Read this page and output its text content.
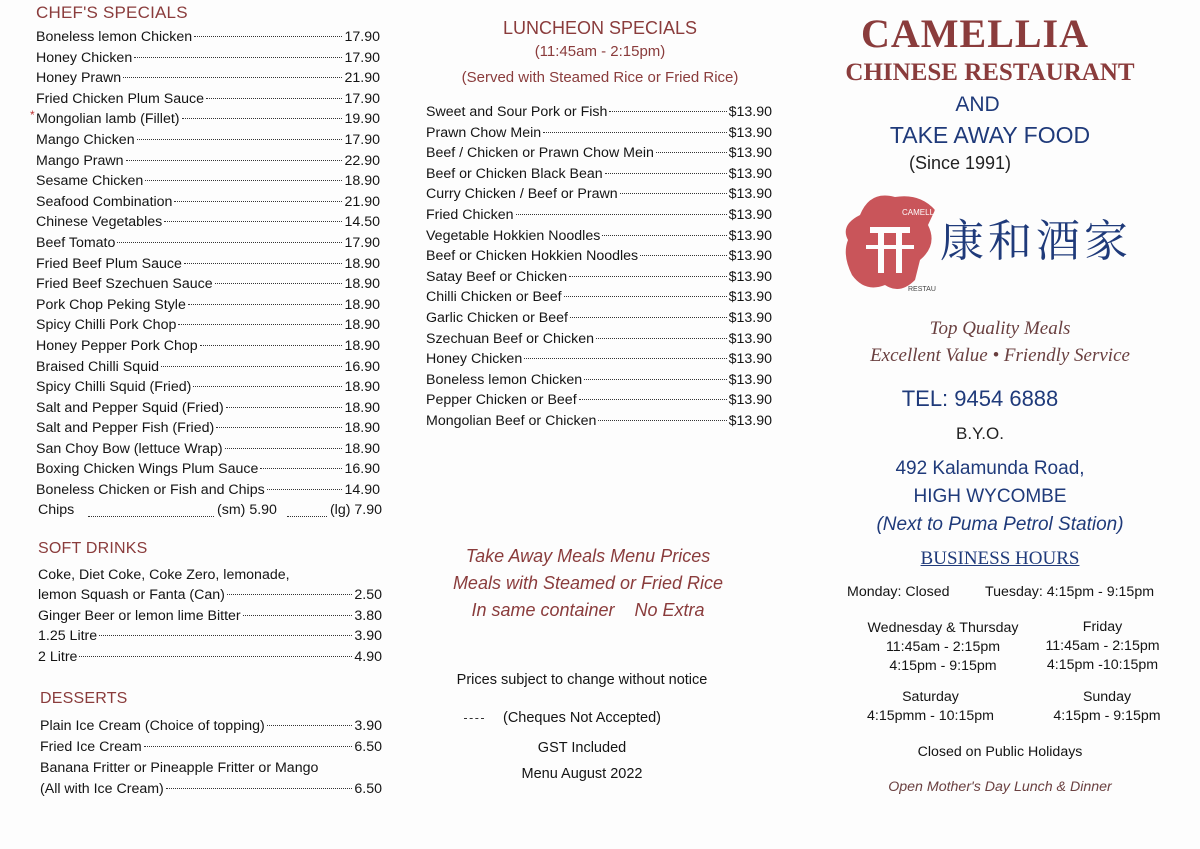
CHEF'S SPECIALS
Boneless lemon Chicken	17.90
Honey Chicken	17.90
Honey Prawn	21.90
Fried Chicken Plum Sauce	17.90
Mongolian lamb (Fillet)	19.90
*
Mango Chicken	17.90
Mango Prawn	22.90
Sesame Chicken	18.90
Seafood Combination	21.90
Chinese Vegetables	14.50
Beef Tomato	17.90
Fried Beef Plum Sauce	18.90
Fried Beef Szechuen Sauce	18.90
Pork Chop Peking Style	18.90
Spicy Chilli Pork Chop	18.90
Honey Pepper Pork Chop	18.90
Braised Chilli Squid	16.90
Spicy Chilli Squid (Fried)	18.90
Salt and Pepper Squid (Fried)	18.90
Salt and Pepper Fish (Fried)	18.90
San Choy Bow (lettuce Wrap)	18.90
Boxing Chicken Wings Plum Sauce	16.90
Boneless Chicken or Fish and Chips	14.90
Chips	(sm) 5.90	(lg) 7.90
SOFT DRINKS
Coke, Diet Coke, Coke Zero, lemonade,
lemon Squash or Fanta (Can)	2.50
Ginger Beer or lemon lime Bitter	3.80
1.25 Litre	3.90
2 Litre	4.90
DESSERTS
Plain Ice Cream (Choice of topping)	3.90
Fried Ice Cream	6.50
Banana Fritter or Pineapple Fritter or Mango
(All with Ice Cream)	6.50
LUNCHEON SPECIALS
(11:45am - 2:15pm)
(Served with Steamed Rice or Fried Rice)
Sweet and Sour Pork or Fish	$13.90
Prawn Chow Mein	$13.90
Beef / Chicken or Prawn Chow Mein	$13.90
Beef or Chicken Black Bean	$13.90
Curry Chicken / Beef or Prawn	$13.90
Fried Chicken	$13.90
Vegetable Hokkien Noodles	$13.90
Beef or Chicken Hokkien Noodles	$13.90
Satay Beef or Chicken	$13.90
Chilli Chicken or Beef	$13.90
Garlic Chicken or Beef	$13.90
Szechuan Beef or Chicken	$13.90
Honey Chicken	$13.90
Boneless lemon Chicken	$13.90
Pepper Chicken or Beef	$13.90
Mongolian Beef or Chicken	$13.90
Take Away Meals Menu Prices
Meals with Steamed or Fried Rice
In same container    No Extra
Prices subject to change without notice
(Cheques Not Accepted)
GST Included
Menu August 2022
CAMELLIA
CHINESE RESTAURANT
AND
TAKE AWAY FOOD
(Since 1991)
CAMELLIA
RESTAU
康和酒家
Top Quality Meals
Excellent Value • Friendly Service
TEL: 9454 6888
B.Y.O.
492 Kalamunda Road,
HIGH WYCOMBE
(Next to Puma Petrol Station)
BUSINESS HOURS
Monday: Closed Tuesday: 4:15pm - 9:15pm
Wednesday & Thursday
11:45am - 2:15pm
4:15pm - 9:15pm
Friday
11:45am - 2:15pm
4:15pm -10:15pm
Saturday
4:15pmm - 10:15pm
Sunday
4:15pm - 9:15pm
Closed on Public Holidays
Open Mother's Day Lunch & Dinner
